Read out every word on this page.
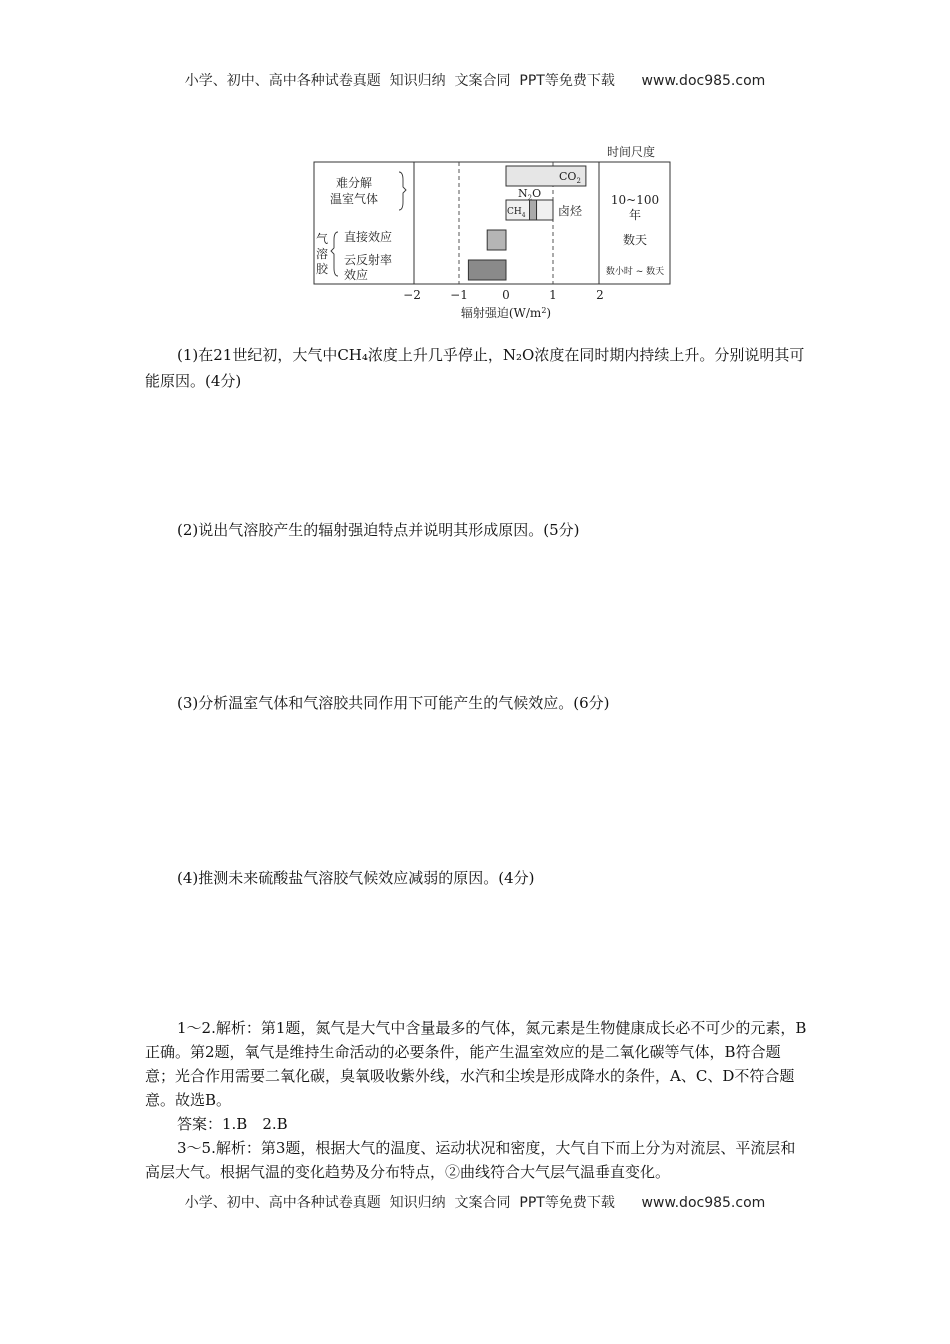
小学、初中、高中各种试卷真题  知识归纳  文案合同  PPT等免费下载      www.doc985.com
时间尺度
难分解
温室气体
气
溶
胶
直接效应
云反射率
效应
$CO_2$
$N_2O$
$CH_4$	卤烃
10~100
年
数天
数小时 ~ 数天
−2 −1	0	1	2
辐射强迫$(W/m^2)$

(1)在21世纪初，大气中CH₄浓度上升几乎停止，N₂O浓度在同时期内持续上升。分别说明其可能原因。(4分)

(2)说出气溶胶产生的辐射强迫特点并说明其形成原因。(5分)

(3)分析温室气体和气溶胶共同作用下可能产生的气候效应。(6分)

(4)推测未来硫酸盐气溶胶气候效应减弱的原因。(4分)

1～2.解析：第1题，氮气是大气中含量最多的气体，氮元素是生物健康成长必不可少的元素，B正确。第2题，氧气是维持生命活动的必要条件，能产生温室效应的是二氧化碳等气体，B符合题意；光合作用需要二氧化碳，臭氧吸收紫外线，水汽和尘埃是形成降水的条件，A、C、D不符合题意。故选B。

答案：1.B　2.B

3～5.解析：第3题，根据大气的温度、运动状况和密度，大气自下而上分为对流层、平流层和高层大气。根据气温的变化趋势及分布特点，②曲线符合大气层气温垂直变化。

小学、初中、高中各种试卷真题  知识归纳  文案合同  PPT等免费下载      www.doc985.com
